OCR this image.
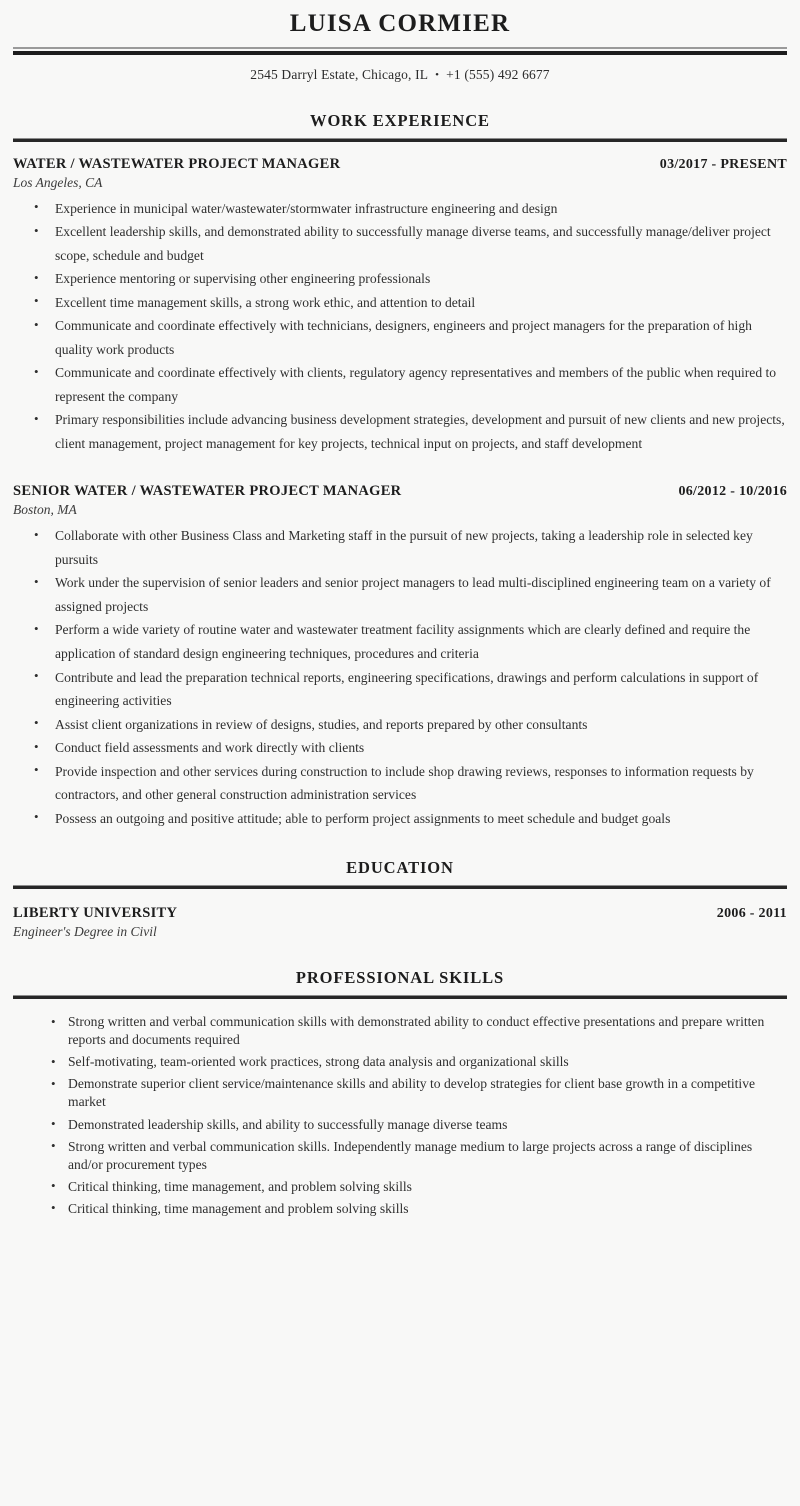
LUISA CORMIER
2545 Darryl Estate, Chicago, IL • +1 (555) 492 6677
WORK EXPERIENCE
WATER / WASTEWATER PROJECT MANAGER	03/2017 - PRESENT
Los Angeles, CA
• Experience in municipal water/wastewater/stormwater infrastructure engineering and design
• Excellent leadership skills, and demonstrated ability to successfully manage diverse teams, and successfully manage/deliver project scope, schedule and budget
• Experience mentoring or supervising other engineering professionals
• Excellent time management skills, a strong work ethic, and attention to detail
• Communicate and coordinate effectively with technicians, designers, engineers and project managers for the preparation of high quality work products
• Communicate and coordinate effectively with clients, regulatory agency representatives and members of the public when required to represent the company
• Primary responsibilities include advancing business development strategies, development and pursuit of new clients and new projects, client management, project management for key projects, technical input on projects, and staff development
SENIOR WATER / WASTEWATER PROJECT MANAGER	06/2012 - 10/2016
Boston, MA
• Collaborate with other Business Class and Marketing staff in the pursuit of new projects, taking a leadership role in selected key pursuits
• Work under the supervision of senior leaders and senior project managers to lead multi-disciplined engineering team on a variety of assigned projects
• Perform a wide variety of routine water and wastewater treatment facility assignments which are clearly defined and require the application of standard design engineering techniques, procedures and criteria
• Contribute and lead the preparation technical reports, engineering specifications, drawings and perform calculations in support of engineering activities
• Assist client organizations in review of designs, studies, and reports prepared by other consultants
• Conduct field assessments and work directly with clients
• Provide inspection and other services during construction to include shop drawing reviews, responses to information requests by contractors, and other general construction administration services
• Possess an outgoing and positive attitude; able to perform project assignments to meet schedule and budget goals
EDUCATION
LIBERTY UNIVERSITY	2006 - 2011
Engineer's Degree in Civil
PROFESSIONAL SKILLS
• Strong written and verbal communication skills with demonstrated ability to conduct effective presentations and prepare written reports and documents required
• Self-motivating, team-oriented work practices, strong data analysis and organizational skills
• Demonstrate superior client service/maintenance skills and ability to develop strategies for client base growth in a competitive market
• Demonstrated leadership skills, and ability to successfully manage diverse teams
• Strong written and verbal communication skills. Independently manage medium to large projects across a range of disciplines and/or procurement types
• Critical thinking, time management, and problem solving skills
• Critical thinking, time management and problem solving skills
